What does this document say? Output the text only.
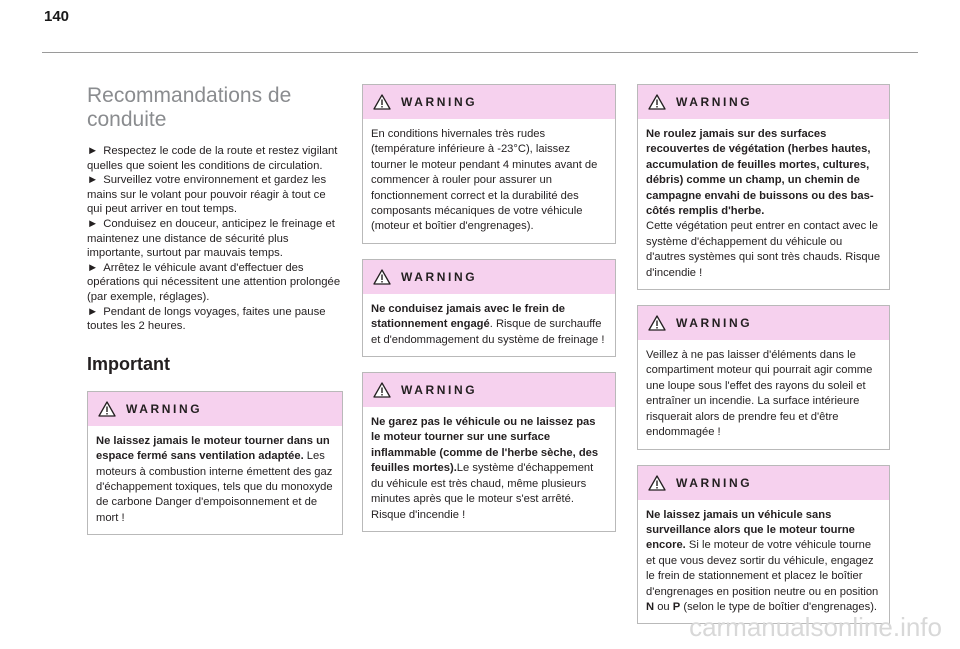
140
Recommandations de conduite
► Respectez le code de la route et restez vigilant quelles que soient les conditions de circulation.
► Surveillez votre environnement et gardez les mains sur le volant pour pouvoir réagir à tout ce qui peut arriver en tout temps.
► Conduisez en douceur, anticipez le freinage et maintenez une distance de sécurité plus importante, surtout par mauvais temps.
► Arrêtez le véhicule avant d'effectuer des opérations qui nécessitent une attention prolongée (par exemple, réglages).
► Pendant de longs voyages, faites une pause toutes les 2 heures.
Important
WARNING
Ne laissez jamais le moteur tourner dans un espace fermé sans ventilation adaptée. Les moteurs à combustion interne émettent des gaz d'échappement toxiques, tels que du monoxyde de carbone Danger d'empoisonnement et de mort !
WARNING
En conditions hivernales très rudes (température inférieure à -23°C), laissez tourner le moteur pendant 4 minutes avant de commencer à rouler pour assurer un fonctionnement correct et la durabilité des composants mécaniques de votre véhicule (moteur et boîtier d'engrenages).
WARNING
Ne conduisez jamais avec le frein de stationnement engagé. Risque de surchauffe et d'endommagement du système de freinage !
WARNING
Ne garez pas le véhicule ou ne laissez pas le moteur tourner sur une surface inflammable (comme de l'herbe sèche, des feuilles mortes).Le système d'échappement du véhicule est très chaud, même plusieurs minutes après que le moteur s'est arrêté. Risque d'incendie !
WARNING
Ne roulez jamais sur des surfaces recouvertes de végétation (herbes hautes, accumulation de feuilles mortes, cultures, débris) comme un champ, un chemin de campagne envahi de buissons ou des bas-côtés remplis d'herbe.
Cette végétation peut entrer en contact avec le système d'échappement du véhicule ou d'autres systèmes qui sont très chauds. Risque d'incendie !
WARNING
Veillez à ne pas laisser d'éléments dans le compartiment moteur qui pourrait agir comme une loupe sous l'effet des rayons du soleil et entraîner un incendie. La surface intérieure risquerait alors de prendre feu et d'être endommagée !
WARNING
Ne laissez jamais un véhicule sans surveillance alors que le moteur tourne encore. Si le moteur de votre véhicule tourne et que vous devez sortir du véhicule, engagez le frein de stationnement et placez le boîtier d'engrenages en position neutre ou en position N ou P (selon le type de boîtier d'engrenages).
carmanualsonline.info
